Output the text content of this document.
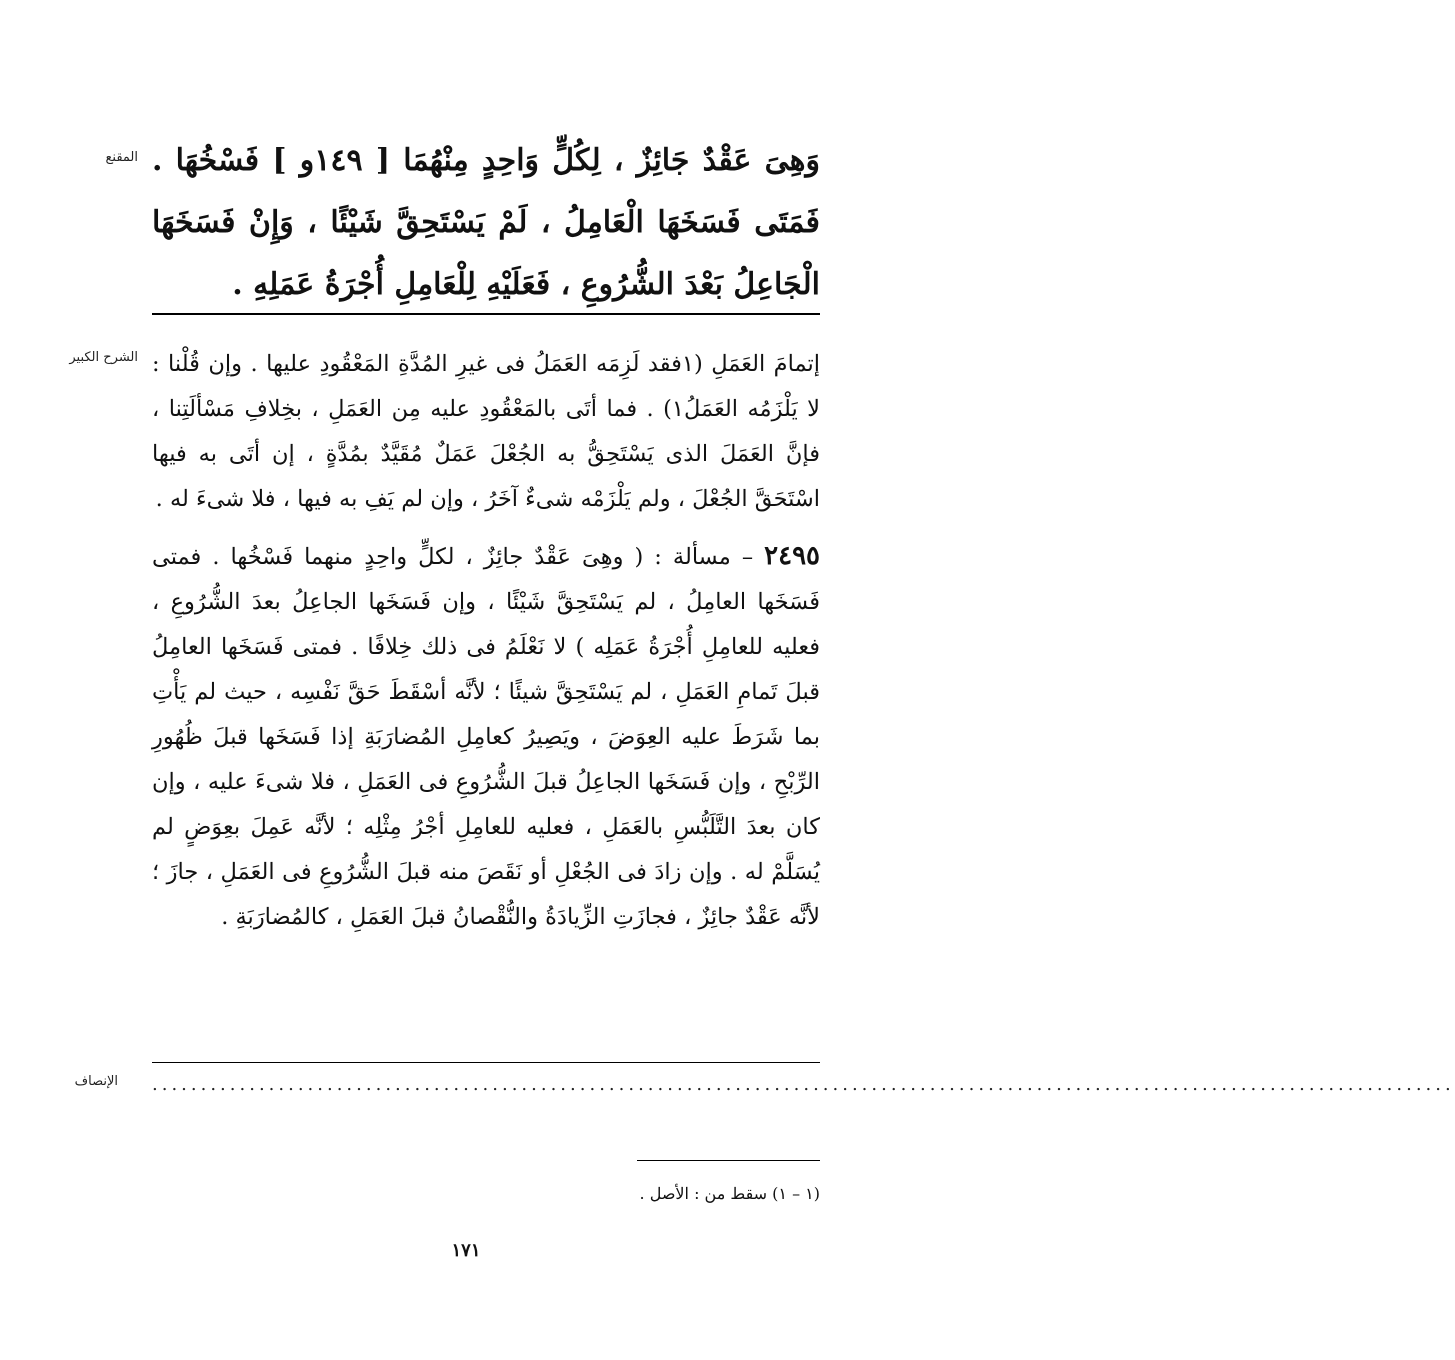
المقنع وَهِىَ عَقْدٌ جَائِزٌ ، لِكُلٍّ وَاحِدٍ مِنْهُمَا [ ١٤٩و ] فَسْخُهَا . فَمَتَى فَسَخَهَا الْعَامِلُ ، لَمْ يَسْتَحِقَّ شَيْئًا ، وَإِنْ فَسَخَهَا الْجَاعِلُ بَعْدَ الشُّرُوعِ ، فَعَلَيْهِ لِلْعَامِلِ أُجْرَةُ عَمَلِهِ .
الشرح الكبير إتمامَ العَمَلِ (١فقد لَزِمَه العَمَلُ فى غيرِ المُدَّةِ المَعْقُودِ عليها . وإن قُلْنا : لا يَلْزَمُه العَمَلُ١) . فما أتَى بالمَعْقُودِ عليه مِن العَمَلِ ، بخِلافِ مَسْألَتِنا ، فإنَّ العَمَلَ الذى يَسْتَحِقُّ به الجُعْلَ عَمَلٌ مُقَيَّدٌ بمُدَّةٍ ، إن أتَى به فيها اسْتَحَقَّ الجُعْلَ ، ولم يَلْزَمْه شىءٌ آخَرُ ، وإن لم يَفِ به فيها ، فلا شىءَ له .

٢٤٩٥ – مسألة : ( وهِىَ عَقْدٌ جائِزٌ ، لكلٍّ واحِدٍ منهما فَسْخُها . فمتى فَسَخَها العامِلُ ، لم يَسْتَحِقَّ شَيْئًا ، وإن فَسَخَها الجاعِلُ بعدَ الشُّرُوعِ ، فعليه للعامِلِ أُجْرَةُ عَمَلِه ) لا نَعْلَمُ فى ذلك خِلافًا . فمتى فَسَخَها العامِلُ قبلَ تَمامِ العَمَلِ ، لم يَسْتَحِقَّ شيئًا ؛ لأنَّه أسْقَطَ حَقَّ نَفْسِه ، حيث لم يَأْتِ بما شَرَطَ عليه العِوَضَ ، ويَصِيرُ كعامِلِ المُضارَبَةِ إذا فَسَخَها قبلَ ظُهُورِ الرِّبْحِ ، وإن فَسَخَها الجاعِلُ قبلَ الشُّرُوعِ فى العَمَلِ ، فلا شىءَ عليه ، وإن كان بعدَ التَّلَبُّسِ بالعَمَلِ ، فعليه للعامِلِ أجْرُ مِثْلِه ؛ لأنَّه عَمِلَ بعِوَضٍ لم يُسَلَّمْ له . وإن زادَ فى الجُعْلِ أو نَقَصَ منه قبلَ الشُّرُوعِ فى العَمَلِ ، جازَ ؛ لأنَّه عَقْدٌ جائِزٌ ، فجازَتِ الزِّيادَةُ والنُّقْصانُ قبلَ العَمَلِ ، كالمُضارَبَةِ .

الإنصاف ......................................................................................................................................
(١ – ١) سقط من : الأصل .
١٧١
